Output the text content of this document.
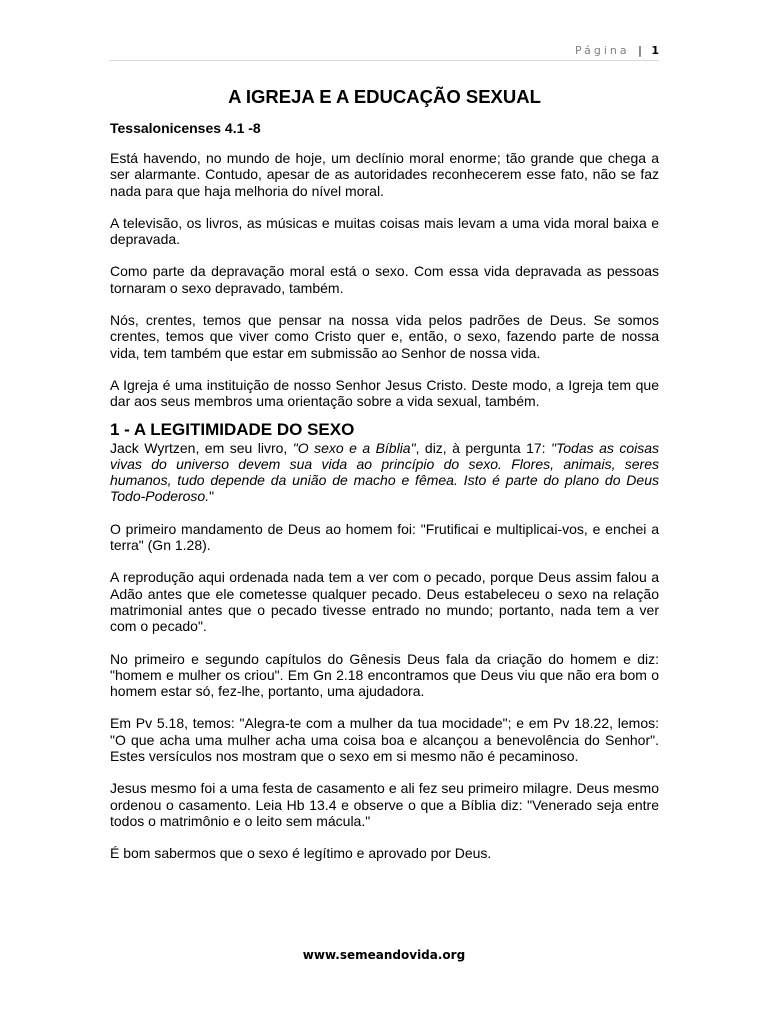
Página | 1
A IGREJA E A EDUCAÇÃO SEXUAL
Tessalonicenses 4.1 -8

Está havendo, no mundo de hoje, um declínio moral enorme; tão grande que chega a ser alarmante. Contudo, apesar de as autoridades reconhecerem esse fato, não se faz nada para que haja melhoria do nível moral.

A televisão, os livros, as músicas e muitas coisas mais levam a uma vida moral baixa e depravada.

Como parte da depravação moral está o sexo. Com essa vida depravada as pessoas tornaram o sexo depravado, também.

Nós, crentes, temos que pensar na nossa vida pelos padrões de Deus. Se somos crentes, temos que viver como Cristo quer e, então, o sexo, fazendo parte de nossa vida, tem também que estar em submissão ao Senhor de nossa vida.

A Igreja é uma instituição de nosso Senhor Jesus Cristo. Deste modo, a Igreja tem que dar aos seus membros uma orientação sobre a vida sexual, também.

1 - A LEGITIMIDADE DO SEXO

Jack Wyrtzen, em seu livro, "O sexo e a Bíblia", diz, à pergunta 17: "Todas as coisas vivas do universo devem sua vida ao princípio do sexo. Flores, animais, seres humanos, tudo depende da união de macho e fêmea. Isto é parte do plano do Deus Todo-Poderoso."

O primeiro mandamento de Deus ao homem foi: "Frutificai e multiplicai-vos, e enchei a terra" (Gn 1.28).

A reprodução aqui ordenada nada tem a ver com o pecado, porque Deus assim falou a Adão antes que ele cometesse qualquer pecado. Deus estabeleceu o sexo na relação matrimonial antes que o pecado tivesse entrado no mundo; portanto, nada tem a ver com o pecado".

No primeiro e segundo capítulos do Gênesis Deus fala da criação do homem e diz: "homem e mulher os criou". Em Gn 2.18 encontramos que Deus viu que não era bom o homem estar só, fez-lhe, portanto, uma ajudadora.

Em Pv 5.18, temos: "Alegra-te com a mulher da tua mocidade"; e em Pv 18.22, lemos: "O que acha uma mulher acha uma coisa boa e alcançou a benevolência do Senhor". Estes versículos nos mostram que o sexo em si mesmo não é pecaminoso.

Jesus mesmo foi a uma festa de casamento e ali fez seu primeiro milagre. Deus mesmo ordenou o casamento. Leia Hb 13.4 e observe o que a Bíblia diz: "Venerado seja entre todos o matrimônio e o leito sem mácula."

É bom sabermos que o sexo é legítimo e aprovado por Deus.

www.semeandovida.org
